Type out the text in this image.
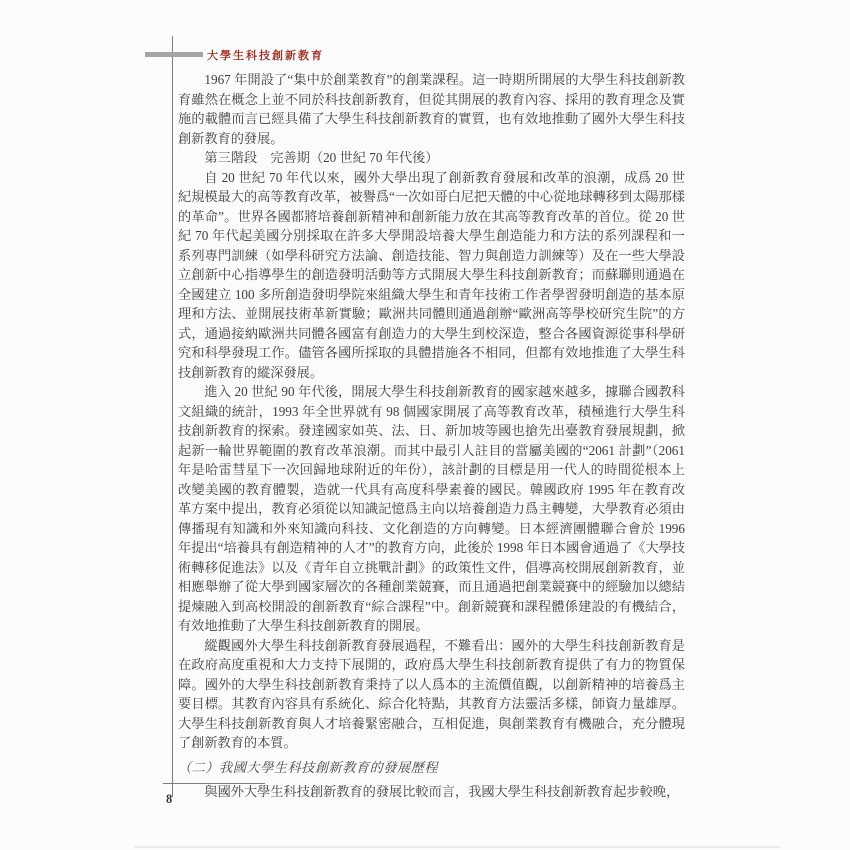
大學生科技創新教育

1967 年開設了“集中於創業教育”的創業課程。這一時期所開展的大學生科技創新教育雖然在概念上並不同於科技創新教育，但從其開展的教育內容、採用的教育理念及實施的載體而言已經具備了大學生科技創新教育的實質，也有效地推動了國外大學生科技創新教育的發展。

第三階段　完善期（20 世紀 70 年代後）

自 20 世紀 70 年代以來，國外大學出現了創新教育發展和改革的浪潮，成爲 20 世紀規模最大的高等教育改革，被譽爲“一次如哥白尼把天體的中心從地球轉移到太陽那樣的革命”。世界各國都將培養創新精神和創新能力放在其高等教育改革的首位。從 20 世紀 70 年代起美國分別採取在許多大學開設培養大學生創造能力和方法的系列課程和一系列專門訓練（如學科研究方法論、創造技能、智力與創造力訓練等）及在一些大學設立創新中心指導學生的創造發明活動等方式開展大學生科技創新教育；而蘇聯則通過在全國建立 100 多所創造發明學院來組織大學生和青年技術工作者學習發明創造的基本原理和方法、並開展技術革新實驗；歐洲共同體則通過創辦“歐洲高等學校研究生院”的方式，通過接納歐洲共同體各國富有創造力的大學生到校深造，整合各國資源從事科學研究和科學發現工作。儘管各國所採取的具體措施各不相同，但都有效地推進了大學生科技創新教育的縱深發展。

進入 20 世紀 90 年代後，開展大學生科技創新教育的國家越來越多，據聯合國教科文組織的統計，1993 年全世界就有 98 個國家開展了高等教育改革，積極進行大學生科技創新教育的探索。發達國家如英、法、日、新加坡等國也搶先出臺教育發展規劃，掀起新一輪世界範圍的教育改革浪潮。而其中最引人註目的當屬美國的“2061 計劃”（2061 年是哈雷彗星下一次回歸地球附近的年份），該計劃的目標是用一代人的時間從根本上改變美國的教育體製，造就一代具有高度科學素養的國民。韓國政府 1995 年在教育改革方案中提出，教育必須從以知識記憶爲主向以培養創造力爲主轉變，大學教育必須由傳播現有知識和外來知識向科技、文化創造的方向轉變。日本經濟團體聯合會於 1996 年提出“培養具有創造精神的人才”的教育方向，此後於 1998 年日本國會通過了《大學技術轉移促進法》以及《青年自立挑戰計劃》的政策性文件，倡導高校開展創新教育，並相應舉辦了從大學到國家層次的各種創業競賽，而且通過把創業競賽中的經驗加以總結提煉融入到高校開設的創新教育“綜合課程”中。創新競賽和課程體係建設的有機結合，有效地推動了大學生科技創新教育的開展。

縱觀國外大學生科技創新教育發展過程，不難看出：國外的大學生科技創新教育是在政府高度重視和大力支持下展開的，政府爲大學生科技創新教育提供了有力的物質保障。國外的大學生科技創新教育秉持了以人爲本的主流價值觀，以創新精神的培養爲主要目標。其教育內容具有系統化、綜合化特點，其教育方法靈活多樣，師資力量雄厚。大學生科技創新教育與人才培養緊密融合，互相促進，與創業教育有機融合，充分體現了創新教育的本質。

（二）我國大學生科技創新教育的發展歷程

與國外大學生科技創新教育的發展比較而言，我國大學生科技創新教育起步較晚，

8
